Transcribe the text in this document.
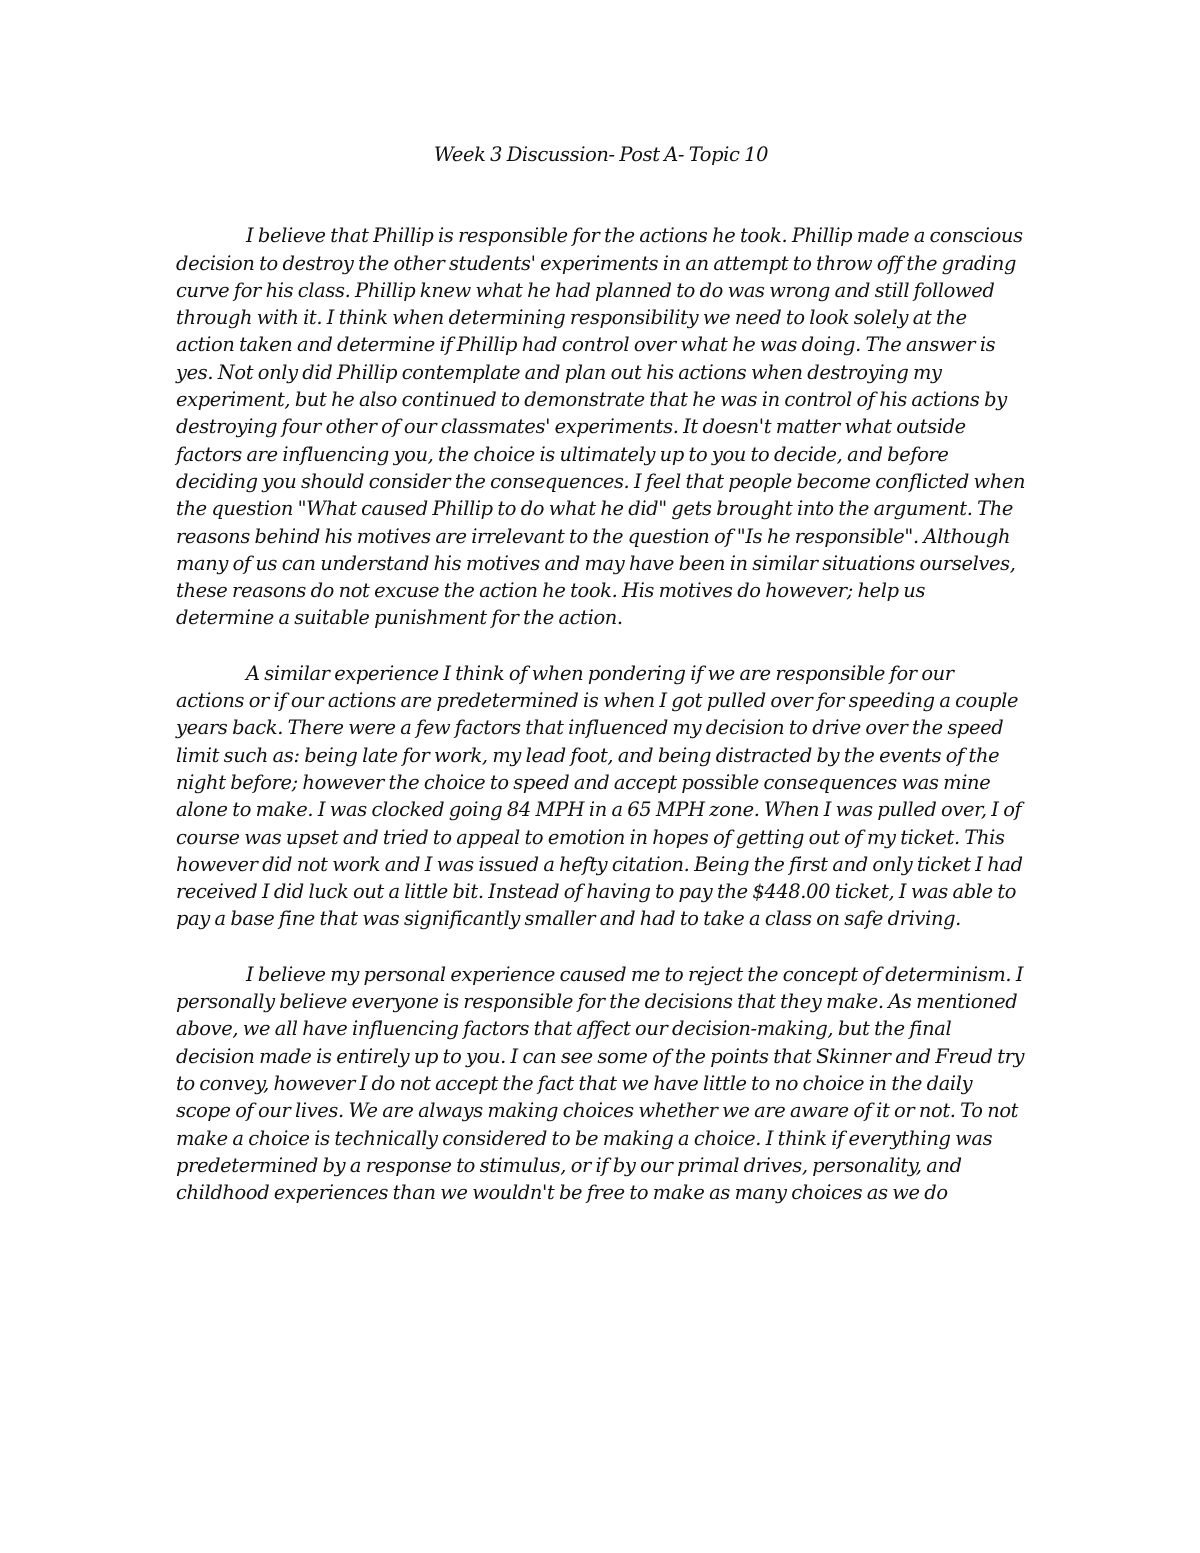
Week 3 Discussion- Post A- Topic 10

I believe that Phillip is responsible for the actions he took. Phillip made a conscious decision to destroy the other students' experiments in an attempt to throw off the grading curve for his class. Phillip knew what he had planned to do was wrong and still followed through with it. I think when determining responsibility we need to look solely at the action taken and determine if Phillip had control over what he was doing. The answer is yes. Not only did Phillip contemplate and plan out his actions when destroying my experiment, but he also continued to demonstrate that he was in control of his actions by destroying four other of our classmates' experiments. It doesn't matter what outside factors are influencing you, the choice is ultimately up to you to decide, and before deciding you should consider the consequences. I feel that people become conflicted when the question "What caused Phillip to do what he did" gets brought into the argument. The reasons behind his motives are irrelevant to the question of "Is he responsible". Although many of us can understand his motives and may have been in similar situations ourselves, these reasons do not excuse the action he took. His motives do however; help us determine a suitable punishment for the action.

A similar experience I think of when pondering if we are responsible for our actions or if our actions are predetermined is when I got pulled over for speeding a couple years back. There were a few factors that influenced my decision to drive over the speed limit such as: being late for work, my lead foot, and being distracted by the events of the night before; however the choice to speed and accept possible consequences was mine alone to make. I was clocked going 84 MPH in a 65 MPH zone. When I was pulled over, I of course was upset and tried to appeal to emotion in hopes of getting out of my ticket. This however did not work and I was issued a hefty citation. Being the first and only ticket I had received I did luck out a little bit. Instead of having to pay the $448.00 ticket, I was able to pay a base fine that was significantly smaller and had to take a class on safe driving.

I believe my personal experience caused me to reject the concept of determinism. I personally believe everyone is responsible for the decisions that they make. As mentioned above, we all have influencing factors that affect our decision-making, but the final decision made is entirely up to you. I can see some of the points that Skinner and Freud try to convey, however I do not accept the fact that we have little to no choice in the daily scope of our lives. We are always making choices whether we are aware of it or not. To not make a choice is technically considered to be making a choice. I think if everything was predetermined by a response to stimulus, or if by our primal drives, personality, and childhood experiences than we wouldn't be free to make as many choices as we do
